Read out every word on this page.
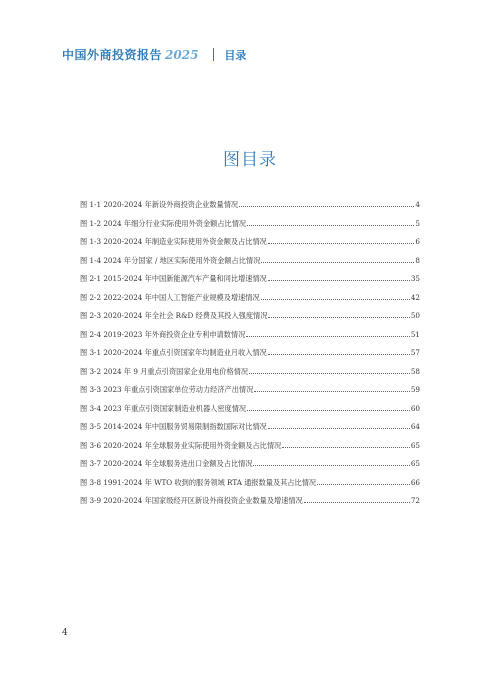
中国外商投资报告 2025 目录
图目录
图 1-1 2020-2024 年新设外商投资企业数量情况	4
图 1-2 2024 年细分行业实际使用外资金额占比情况	5
图 1-3 2020-2024 年制造业实际使用外资金额及占比情况	6
图 1-4 2024 年分国家 / 地区实际使用外资金额占比情况	8
图 2-1 2015-2024 年中国新能源汽车产量和同比增速情况	35
图 2-2 2022-2024 年中国人工智能产业规模及增速情况	42
图 2-3 2020-2024 年全社会 R&D 经费及其投入强度情况	50
图 2-4 2019-2023 年外商投资企业专利申请数情况	51
图 3-1 2020-2024 年重点引资国家年均制造业月收入情况	57
图 3-2 2024 年 9 月重点引资国家企业用电价格情况	58
图 3-3 2023 年重点引资国家单位劳动力经济产出情况	59
图 3-4 2023 年重点引资国家制造业机器人密度情况	60
图 3-5 2014-2024 年中国服务贸易限制指数国际对比情况	64
图 3-6 2020-2024 年全球服务业实际使用外资金额及占比情况	65
图 3-7 2020-2024 年全球服务进出口金额及占比情况	65
图 3-8 1991-2024 年 WTO 收到的服务领域 RTA 通报数量及其占比情况	66
图 3-9 2020-2024 年国家级经开区新设外商投资企业数量及增速情况	72
4
